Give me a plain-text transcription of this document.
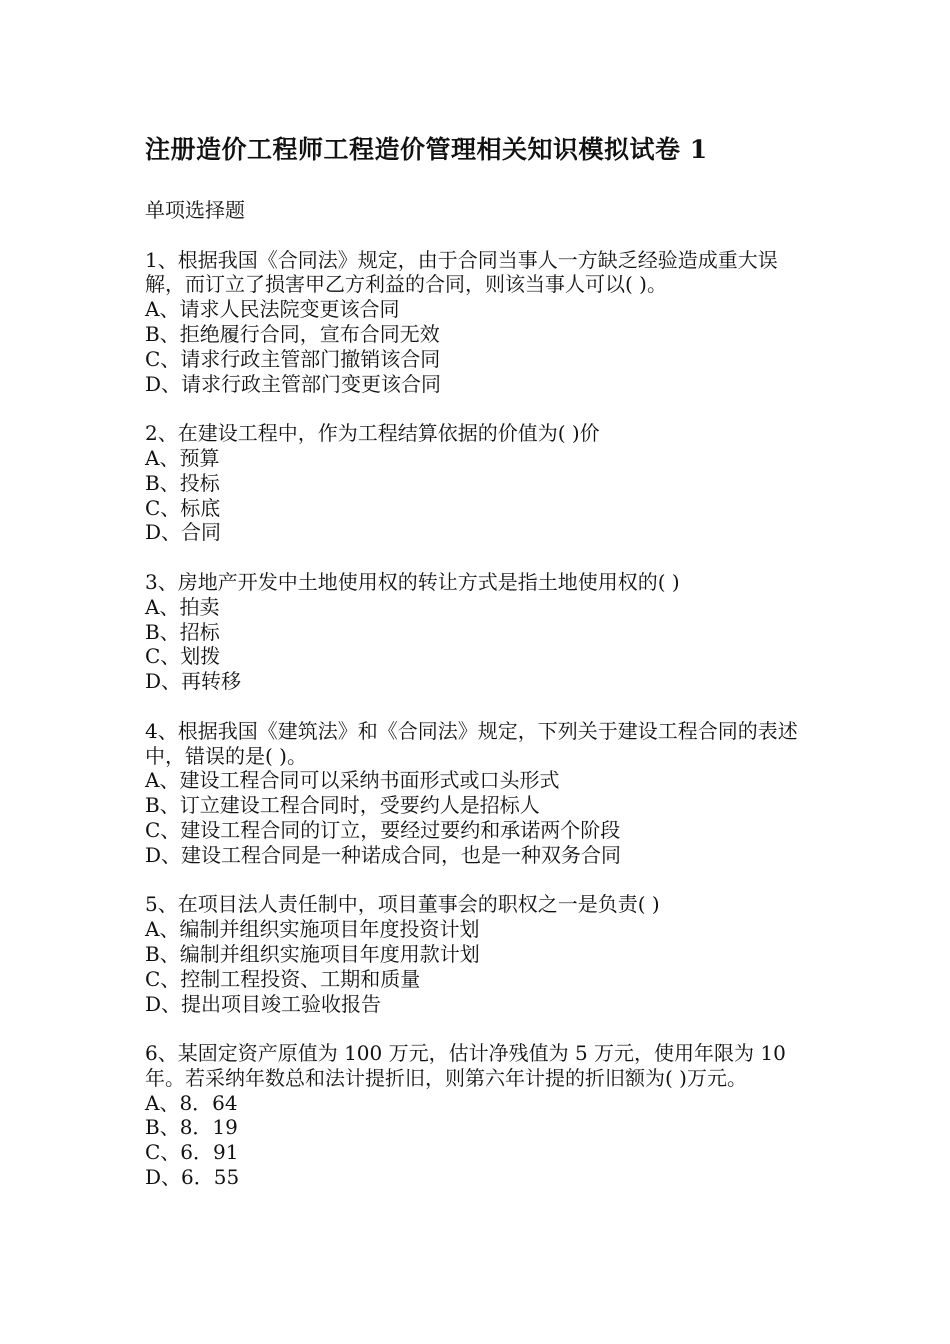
注册造价工程师工程造价管理相关知识模拟试卷 1

单项选择题

1、根据我国《合同法》规定，由于合同当事人一方缺乏经验造成重大误解，而订立了损害甲乙方利益的合同，则该当事人可以( )。

A、请求人民法院变更该合同

B、拒绝履行合同，宣布合同无效

C、请求行政主管部门撤销该合同

D、请求行政主管部门变更该合同

2、在建设工程中，作为工程结算依据的价值为( )价

A、预算

B、投标

C、标底

D、合同

3、房地产开发中土地使用权的转让方式是指土地使用权的( )

A、拍卖

B、招标

C、划拨

D、再转移

4、根据我国《建筑法》和《合同法》规定，下列关于建设工程合同的表述中，错误的是( )。

A、建设工程合同可以采纳书面形式或口头形式

B、订立建设工程合同时，受要约人是招标人

C、建设工程合同的订立，要经过要约和承诺两个阶段

D、建设工程合同是一种诺成合同，也是一种双务合同

5、在项目法人责任制中，项目董事会的职权之一是负责( )

A、编制并组织实施项目年度投资计划

B、编制并组织实施项目年度用款计划

C、控制工程投资、工期和质量

D、提出项目竣工验收报告

6、某固定资产原值为 100 万元，估计净残值为 5 万元，使用年限为 10 年。若采纳年数总和法计提折旧，则第六年计提的折旧额为( )万元。

A、8．64

B、8．19

C、6．91

D、6．55
